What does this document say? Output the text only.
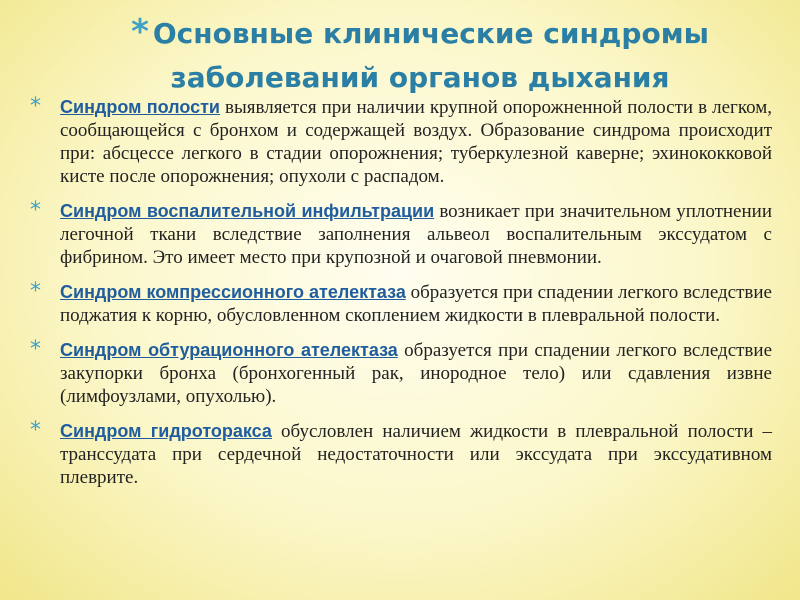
* Основные клинические синдромы
заболеваний органов дыхания
* Синдром полости выявляется при наличии крупной опорожненной полости в легком, сообщающейся с бронхом и содержащей воздух. Образование синдрома происходит при: абсцессе легкого в стадии опорожнения; туберкулезной каверне; эхинококковой кисте после опорожнения; опухоли с распадом.
* Синдром воспалительной инфильтрации возникает при значительном уплотнении легочной ткани вследствие заполнения альвеол воспалительным экссудатом с фибрином. Это имеет место при крупозной и очаговой пневмонии.
* Синдром компрессионного ателектаза образуется при спадении легкого вследствие поджатия к корню, обусловленном скоплением жидкости в плевральной полости.
* Синдром обтурационного ателектаза образуется при спадении легкого вследствие закупорки бронха (бронхогенный рак, инородное тело) или сдавления извне (лимфоузлами, опухолью).
* Синдром гидроторакса обусловлен наличием жидкости в плевральной полости – транссудата при сердечной недостаточности или экссудата при экссудативном плеврите.
